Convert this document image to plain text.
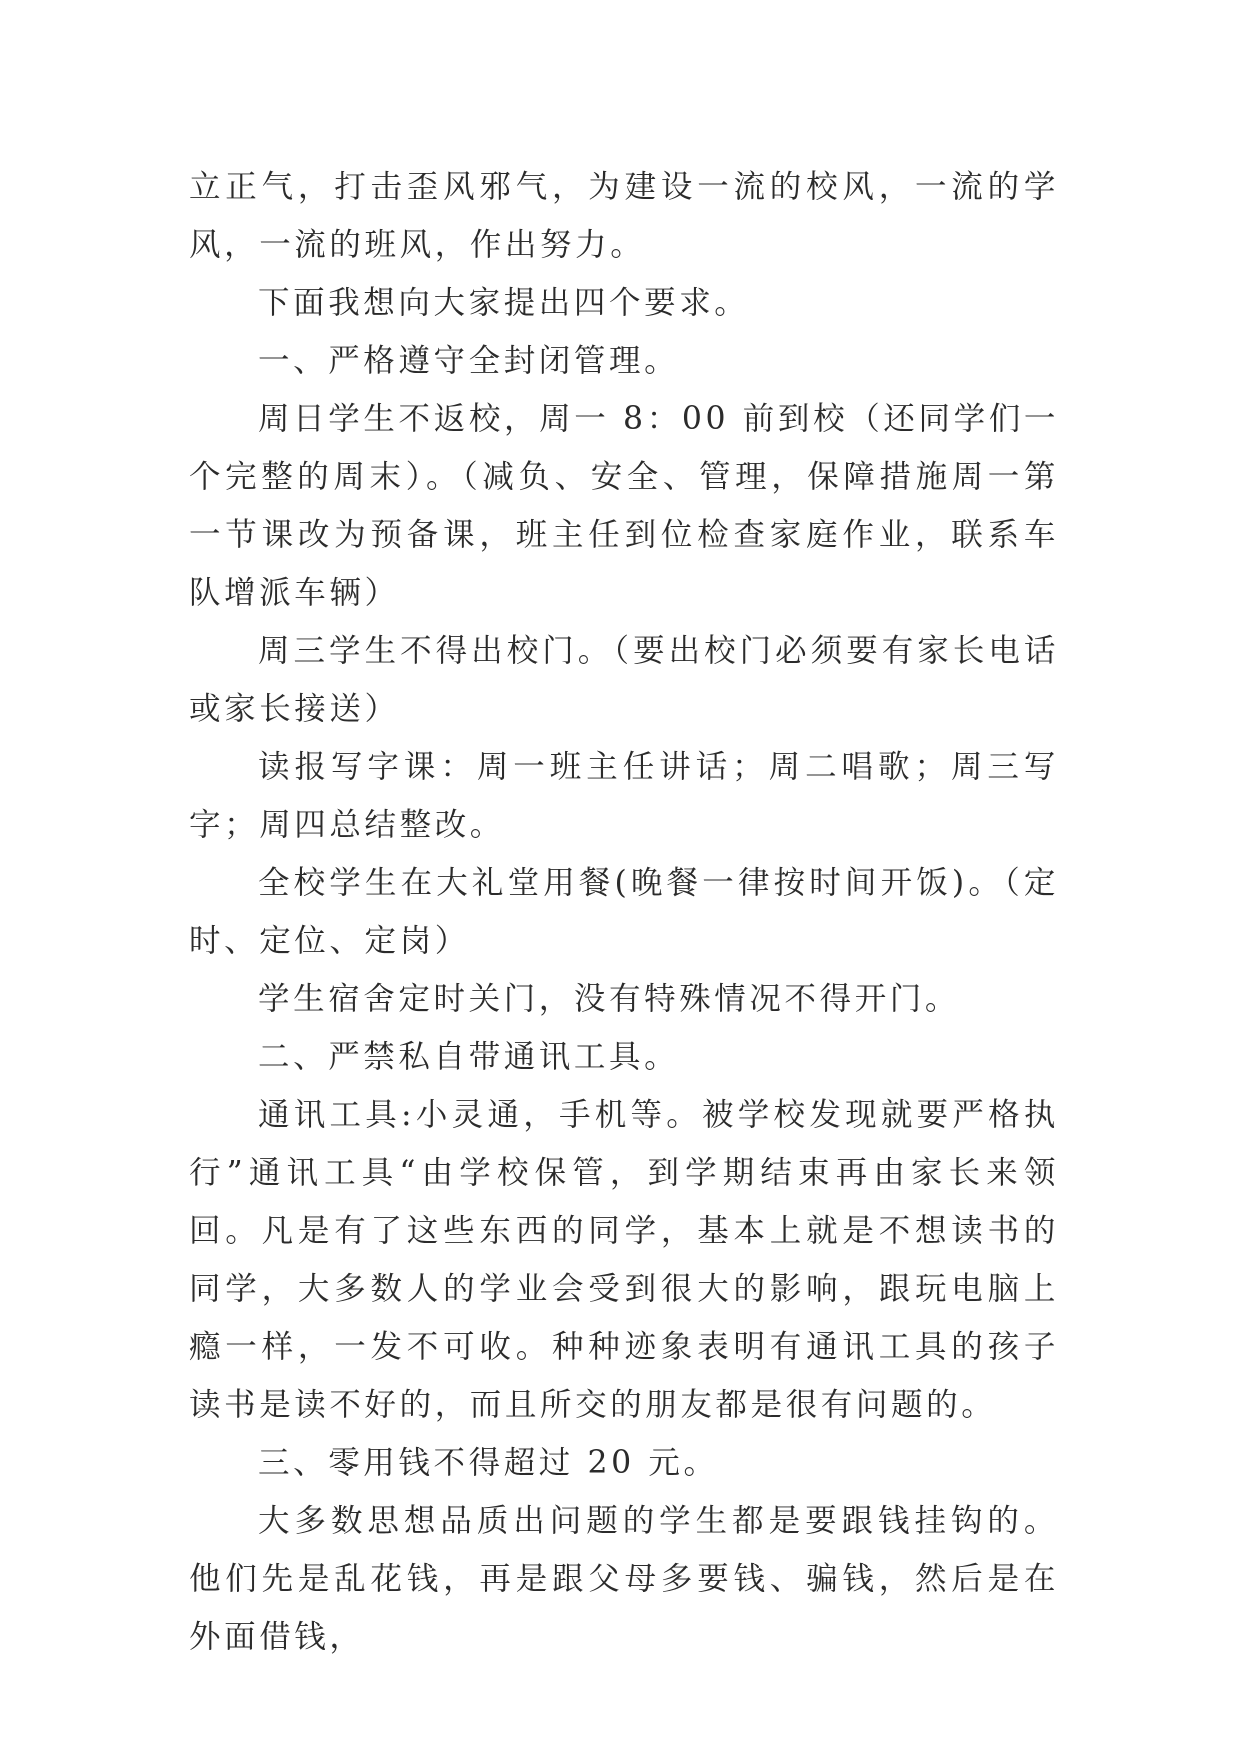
立正气，打击歪风邪气，为建设一流的校风，一流的学风，一流的班风，作出努力。

下面我想向大家提出四个要求。

一、严格遵守全封闭管理。

周日学生不返校，周一 8：00 前到校（还同学们一个完整的周末）。（减负、安全、管理，保障措施周一第一节课改为预备课，班主任到位检查家庭作业，联系车队增派车辆）

周三学生不得出校门。（要出校门必须要有家长电话或家长接送）

读报写字课：周一班主任讲话；周二唱歌；周三写字；周四总结整改。

全校学生在大礼堂用餐(晚餐一律按时间开饭)。（定时、定位、定岗）

学生宿舍定时关门，没有特殊情况不得开门。

二、严禁私自带通讯工具。

通讯工具:小灵通，手机等。被学校发现就要严格执行”通讯工具“由学校保管，到学期结束再由家长来领回。凡是有了这些东西的同学，基本上就是不想读书的同学，大多数人的学业会受到很大的影响，跟玩电脑上瘾一样，一发不可收。种种迹象表明有通讯工具的孩子读书是读不好的，而且所交的朋友都是很有问题的。

三、零用钱不得超过 20 元。

大多数思想品质出问题的学生都是要跟钱挂钩的。他们先是乱花钱，再是跟父母多要钱、骗钱，然后是在外面借钱，
